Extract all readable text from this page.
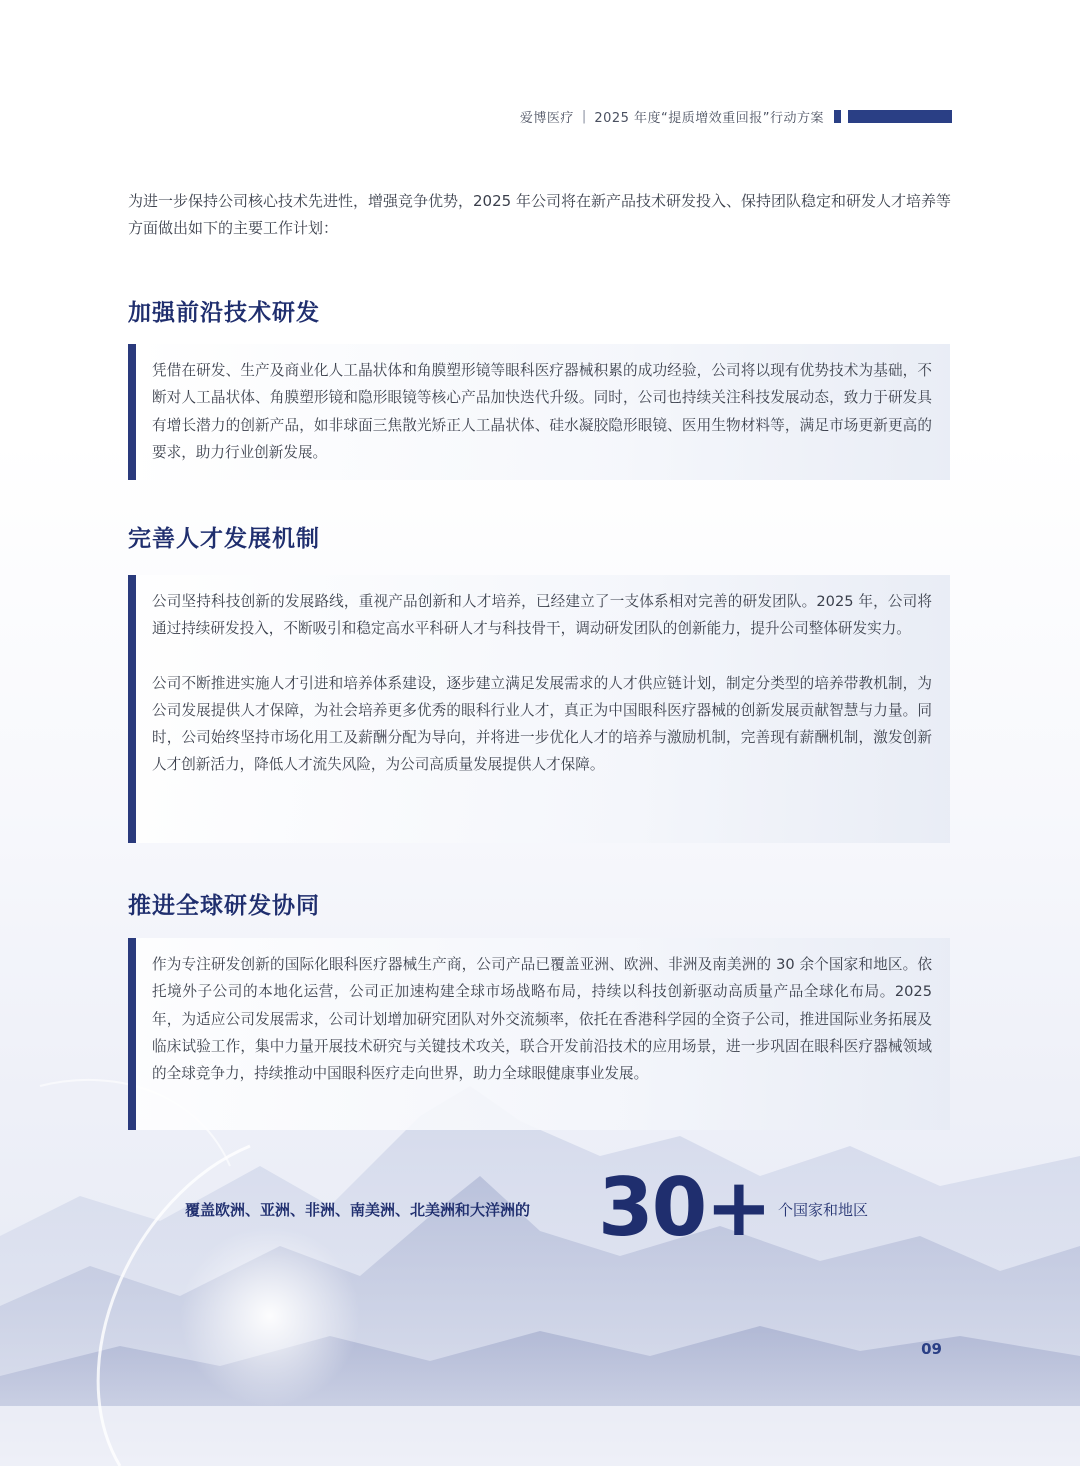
爱博医疗 | 2025 年度“提质增效重回报”行动方案
为进一步保持公司核心技术先进性，增强竞争优势，2025 年公司将在新产品技术研发投入、保持团队稳定和研发人才培养等方面做出如下的主要工作计划：
加强前沿技术研发

凭借在研发、生产及商业化人工晶状体和角膜塑形镜等眼科医疗器械积累的成功经验，公司将以现有优势技术为基础，不断对人工晶状体、角膜塑形镜和隐形眼镜等核心产品加快迭代升级。同时，公司也持续关注科技发展动态，致力于研发具有增长潜力的创新产品，如非球面三焦散光矫正人工晶状体、硅水凝胶隐形眼镜、医用生物材料等，满足市场更新更高的要求，助力行业创新发展。

完善人才发展机制

公司坚持科技创新的发展路线，重视产品创新和人才培养，已经建立了一支体系相对完善的研发团队。2025 年，公司将通过持续研发投入，不断吸引和稳定高水平科研人才与科技骨干，调动研发团队的创新能力，提升公司整体研发实力。

公司不断推进实施人才引进和培养体系建设，逐步建立满足发展需求的人才供应链计划，制定分类型的培养带教机制，为公司发展提供人才保障，为社会培养更多优秀的眼科行业人才，真正为中国眼科医疗器械的创新发展贡献智慧与力量。同时，公司始终坚持市场化用工及薪酬分配为导向，并将进一步优化人才的培养与激励机制，完善现有薪酬机制，激发创新人才创新活力，降低人才流失风险，为公司高质量发展提供人才保障。

推进全球研发协同

作为专注研发创新的国际化眼科医疗器械生产商，公司产品已覆盖亚洲、欧洲、非洲及南美洲的 30 余个国家和地区。依托境外子公司的本地化运营，公司正加速构建全球市场战略布局，持续以科技创新驱动高质量产品全球化布局。2025 年，为适应公司发展需求，公司计划增加研究团队对外交流频率，依托在香港科学园的全资子公司，推进国际业务拓展及临床试验工作，集中力量开展技术研究与关键技术攻关，联合开发前沿技术的应用场景，进一步巩固在眼科医疗器械领域的全球竞争力，持续推动中国眼科医疗走向世界，助力全球眼健康事业发展。

覆盖欧洲、亚洲、非洲、南美洲、北美洲和大洋洲的 30+ 个国家和地区
09
